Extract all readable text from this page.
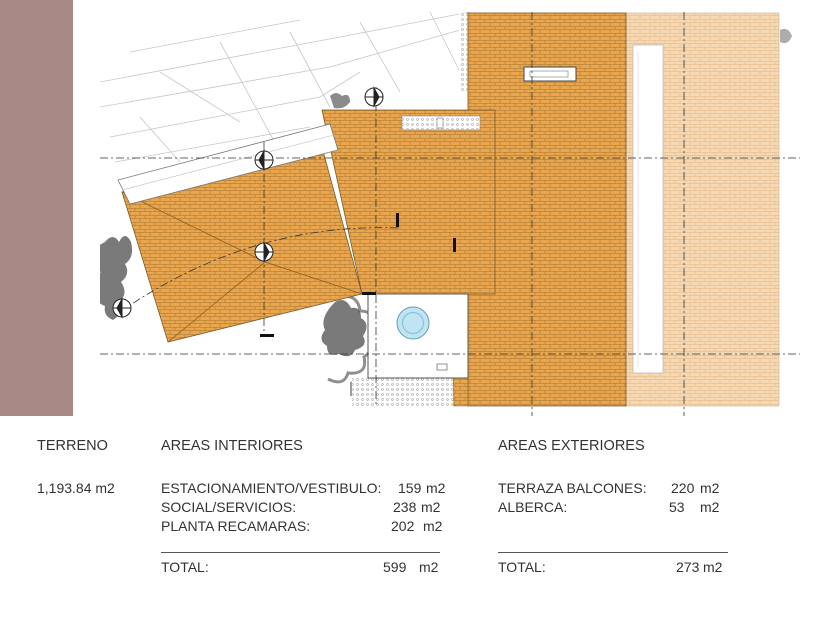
TERRENO
1,193.84 m2
AREAS INTERIORES
ESTACIONAMIENTO/VESTIBULO: 159 m2
SOCIAL/SERVICIOS:	238 m2
PLANTA RECAMARAS:	202 m2
TOTAL:	599 m2
AREAS EXTERIORES
TERRAZA BALCONES: 220 m2
ALBERCA:	53 m2
TOTAL:	273 m2
